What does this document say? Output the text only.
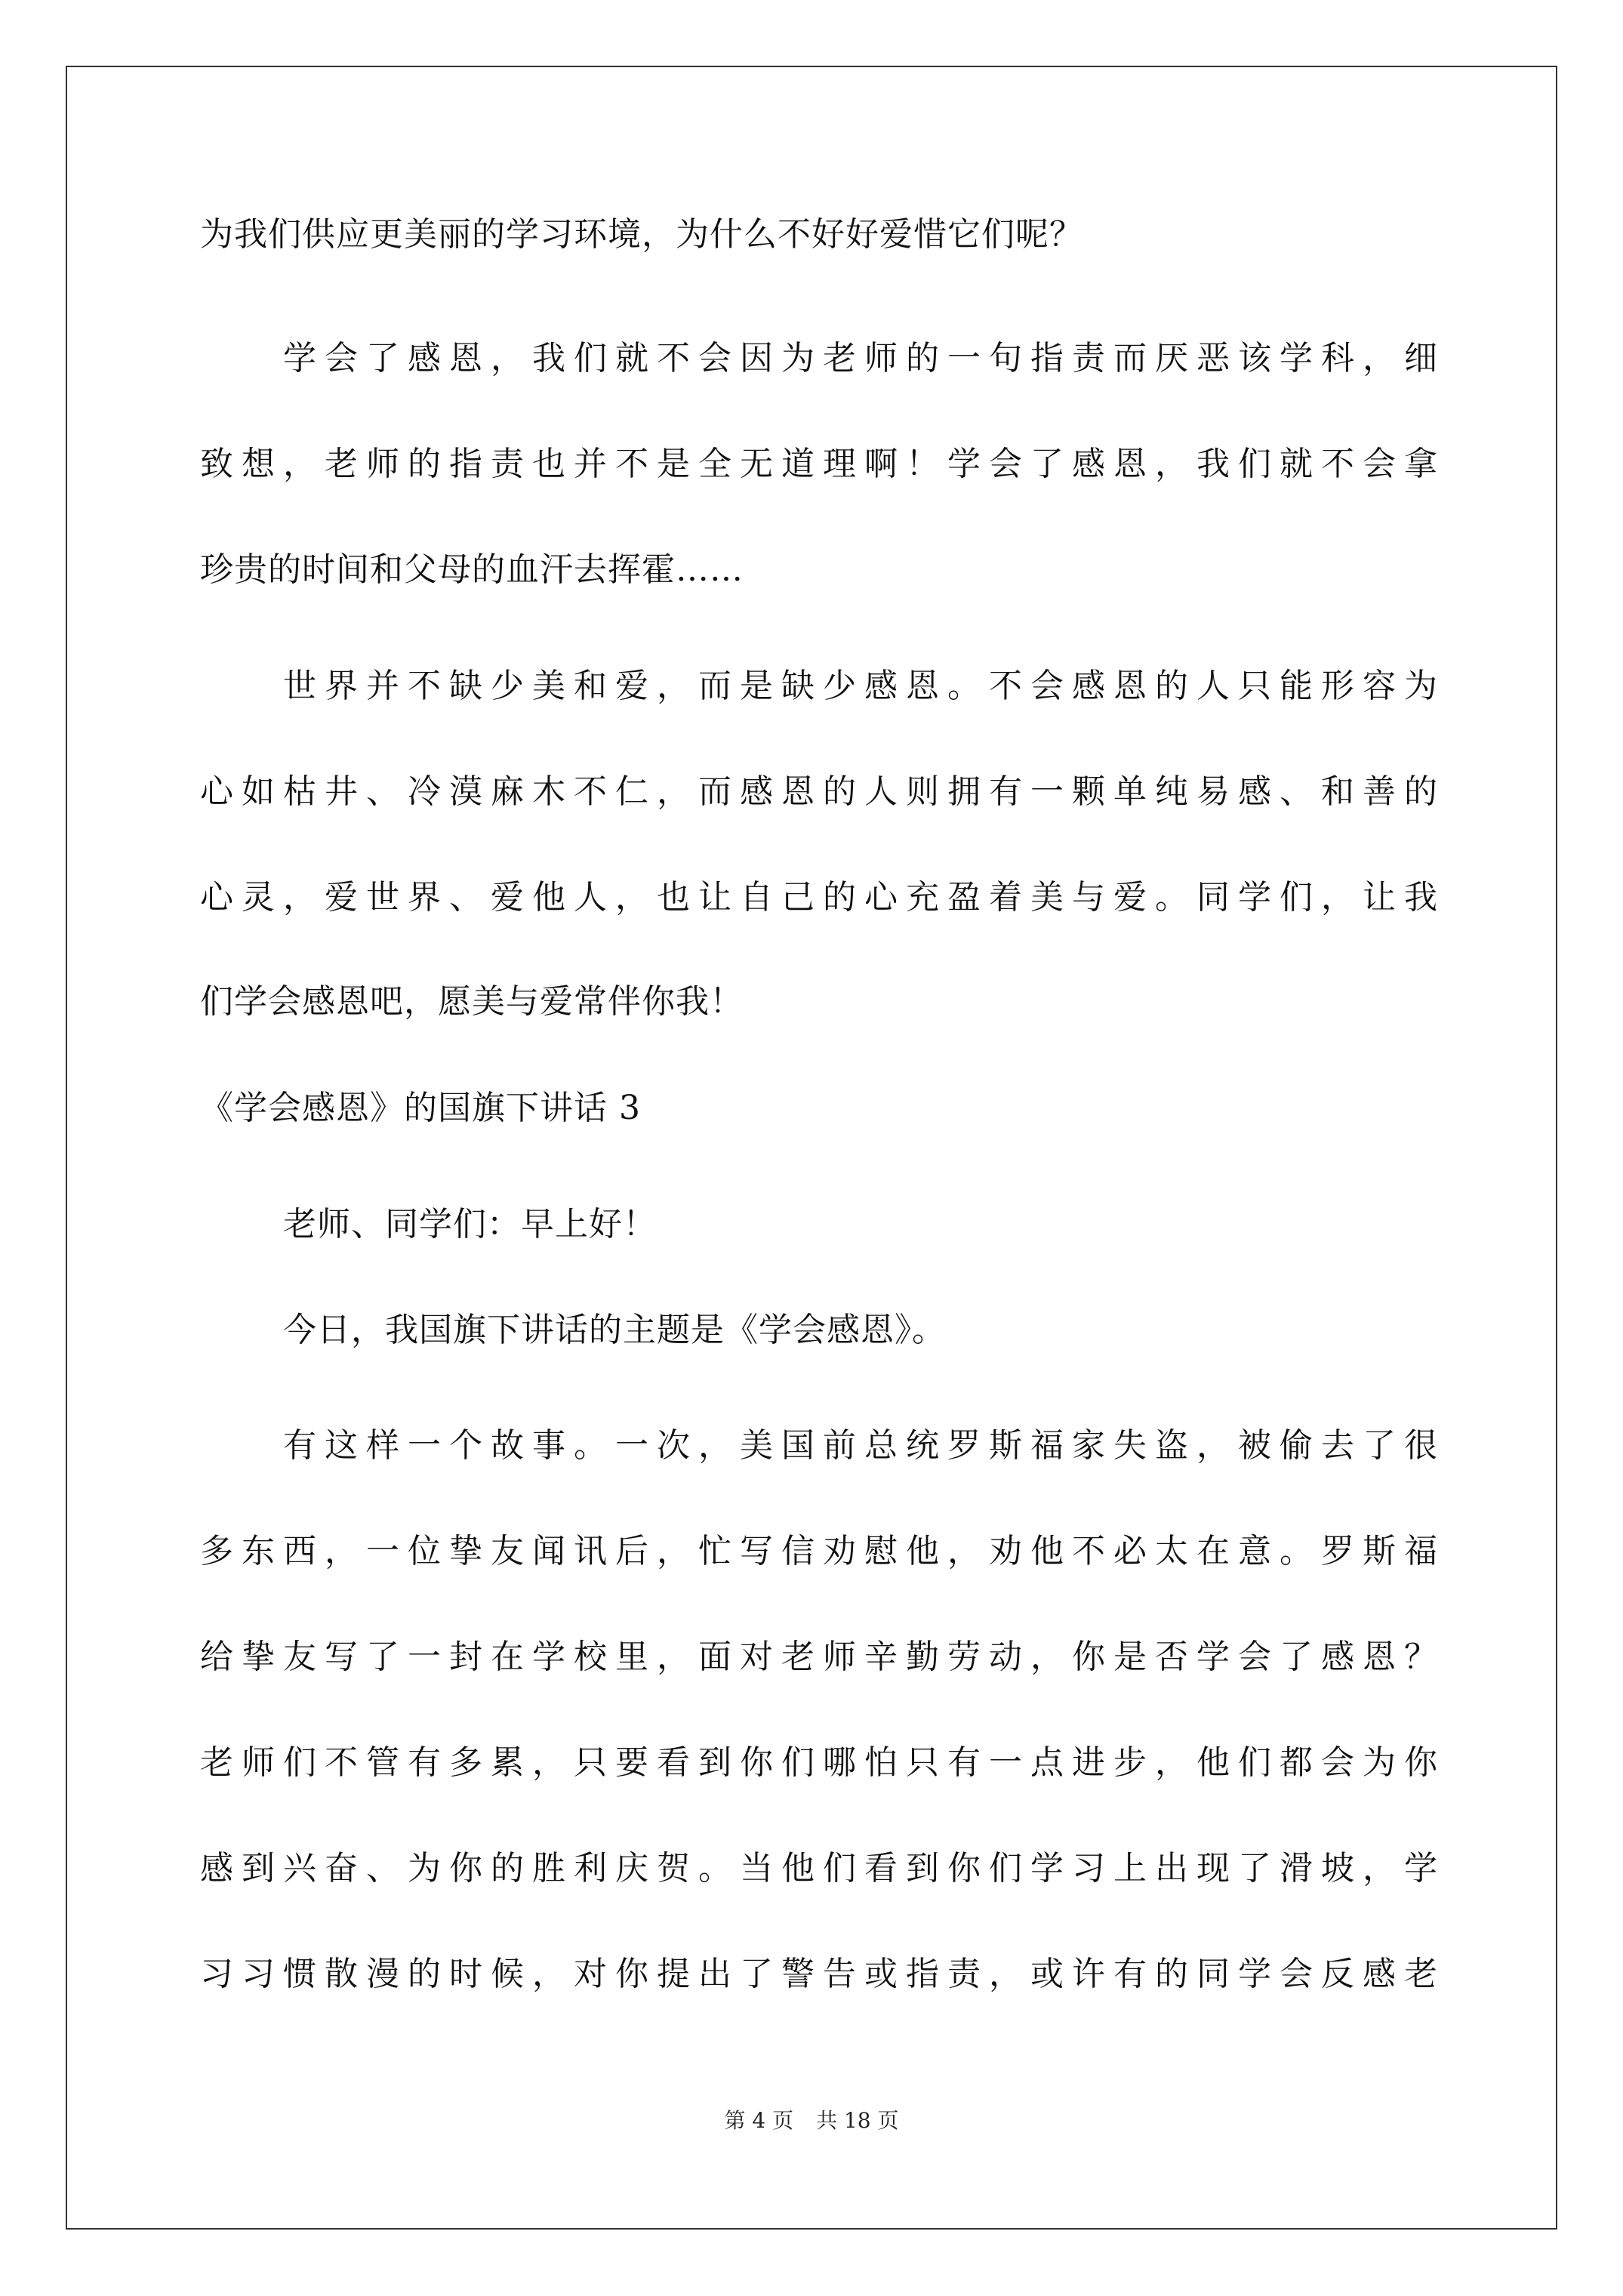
为我们供应更美丽的学习环境，为什么不好好爱惜它们呢？
学会了感恩，我们就不会因为老师的一句指责而厌恶该学科，细
致想，老师的指责也并不是全无道理啊！学会了感恩，我们就不会拿
珍贵的时间和父母的血汗去挥霍……
世界并不缺少美和爱，而是缺少感恩。不会感恩的人只能形容为
心如枯井、冷漠麻木不仁，而感恩的人则拥有一颗单纯易感、和善的
心灵，爱世界、爱他人，也让自己的心充盈着美与爱。同学们，让我
们学会感恩吧，愿美与爱常伴你我！
《学会感恩》的国旗下讲话 3
老师、同学们：早上好！
今日，我国旗下讲话的主题是《学会感恩》。
有这样一个故事。一次，美国前总统罗斯福家失盗，被偷去了很
多东西，一位挚友闻讯后，忙写信劝慰他，劝他不必太在意。罗斯福
给挚友写了一封在学校里，面对老师辛勤劳动，你是否学会了感恩？
老师们不管有多累，只要看到你们哪怕只有一点进步，他们都会为你
感到兴奋、为你的胜利庆贺。当他们看到你们学习上出现了滑坡，学
习习惯散漫的时候，对你提出了警告或指责，或许有的同学会反感老
第 4 页 共 18 页
